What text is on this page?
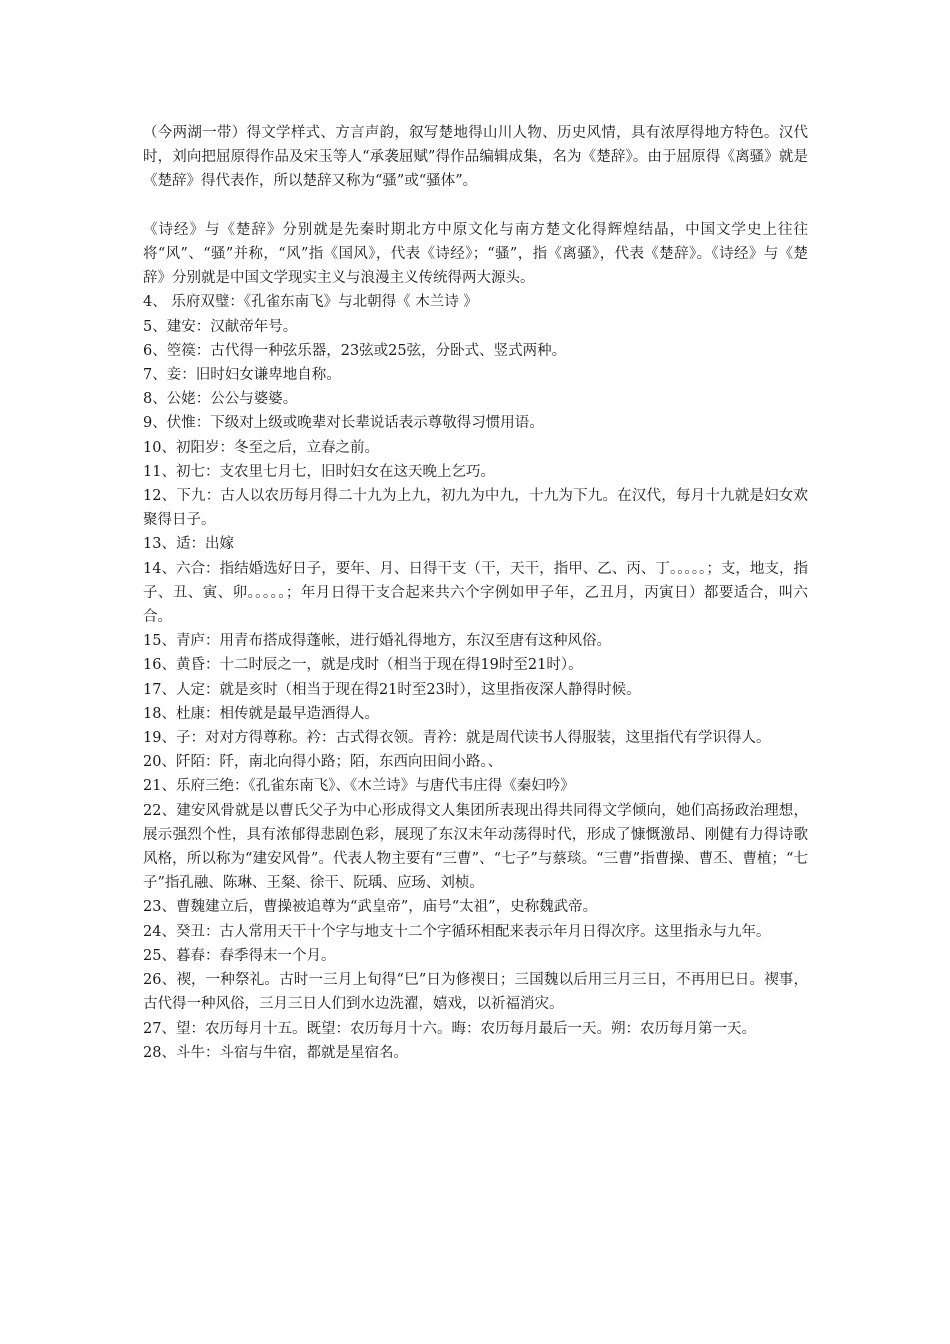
（今两湖一带）得文学样式、方言声韵，叙写楚地得山川人物、历史风情，具有浓厚得地方特色。汉代时，刘向把屈原得作品及宋玉等人“承袭屈赋”得作品编辑成集，名为《楚辞》。由于屈原得《离骚》就是《楚辞》得代表作，所以楚辞又称为“骚”或“骚体”。

《诗经》与《楚辞》分别就是先秦时期北方中原文化与南方楚文化得辉煌结晶，中国文学史上往往将“风”、“骚”并称，“风”指《国风》，代表《诗经》；“骚”，指《离骚》，代表《楚辞》。《诗经》与《楚辞》分别就是中国文学现实主义与浪漫主义传统得两大源头。

4、 乐府双璧：《孔雀东南飞》与北朝得《 木兰诗 》

5、建安：汉献帝年号。

6、箜篌：古代得一种弦乐器，23弦或25弦，分卧式、竖式两种。

7、妾：旧时妇女谦卑地自称。

8、公姥：公公与婆婆。

9、伏惟：下级对上级或晚辈对长辈说话表示尊敬得习惯用语。

10、初阳岁：冬至之后，立春之前。

11、初七：支农里七月七，旧时妇女在这天晚上乞巧。

12、下九：古人以农历每月得二十九为上九，初九为中九，十九为下九。在汉代，每月十九就是妇女欢聚得日子。

13、适：出嫁

14、六合：指结婚选好日子，要年、月、日得干支（干，天干，指甲、乙、丙、丁。。。。。；支，地支，指子、丑、寅、卯。。。。。；年月日得干支合起来共六个字例如甲子年，乙丑月，丙寅日）都要适合，叫六合。

15、青庐：用青布搭成得蓬帐，进行婚礼得地方，东汉至唐有这种风俗。

16、黄昏：十二时辰之一，就是戌时（相当于现在得19时至21时）。

17、人定：就是亥时（相当于现在得21时至23时），这里指夜深人静得时候。

18、杜康：相传就是最早造酒得人。

19、子：对对方得尊称。衿：古式得衣领。青衿：就是周代读书人得服装，这里指代有学识得人。

20、阡陌：阡，南北向得小路；陌，东西向田间小路。、

21、乐府三绝：《孔雀东南飞》、《木兰诗》与唐代韦庄得《秦妇吟》

22、建安风骨就是以曹氏父子为中心形成得文人集团所表现出得共同得文学倾向，她们高扬政治理想，展示强烈个性，具有浓郁得悲剧色彩，展现了东汉末年动荡得时代，形成了慷慨激昂、刚健有力得诗歌风格，所以称为“建安风骨”。代表人物主要有“三曹”、“七子”与蔡琰。“三曹”指曹操、曹丕、曹植；“七子”指孔融、陈琳、王粲、徐干、阮瑀、应玚、刘桢。

23、曹魏建立后，曹操被追尊为“武皇帝”，庙号“太祖”，史称魏武帝。

24、癸丑：古人常用天干十个字与地支十二个字循环相配来表示年月日得次序。这里指永与九年。

25、暮春：春季得末一个月。

26、禊，一种祭礼。古时一三月上旬得“巳”日为修禊日；三国魏以后用三月三日，不再用巳日。禊事，古代得一种风俗，三月三日人们到水边洗濯，嬉戏，以祈福消灾。

27、望：农历每月十五。既望：农历每月十六。晦：农历每月最后一天。朔：农历每月第一天。

28、斗牛：斗宿与牛宿，都就是星宿名。
